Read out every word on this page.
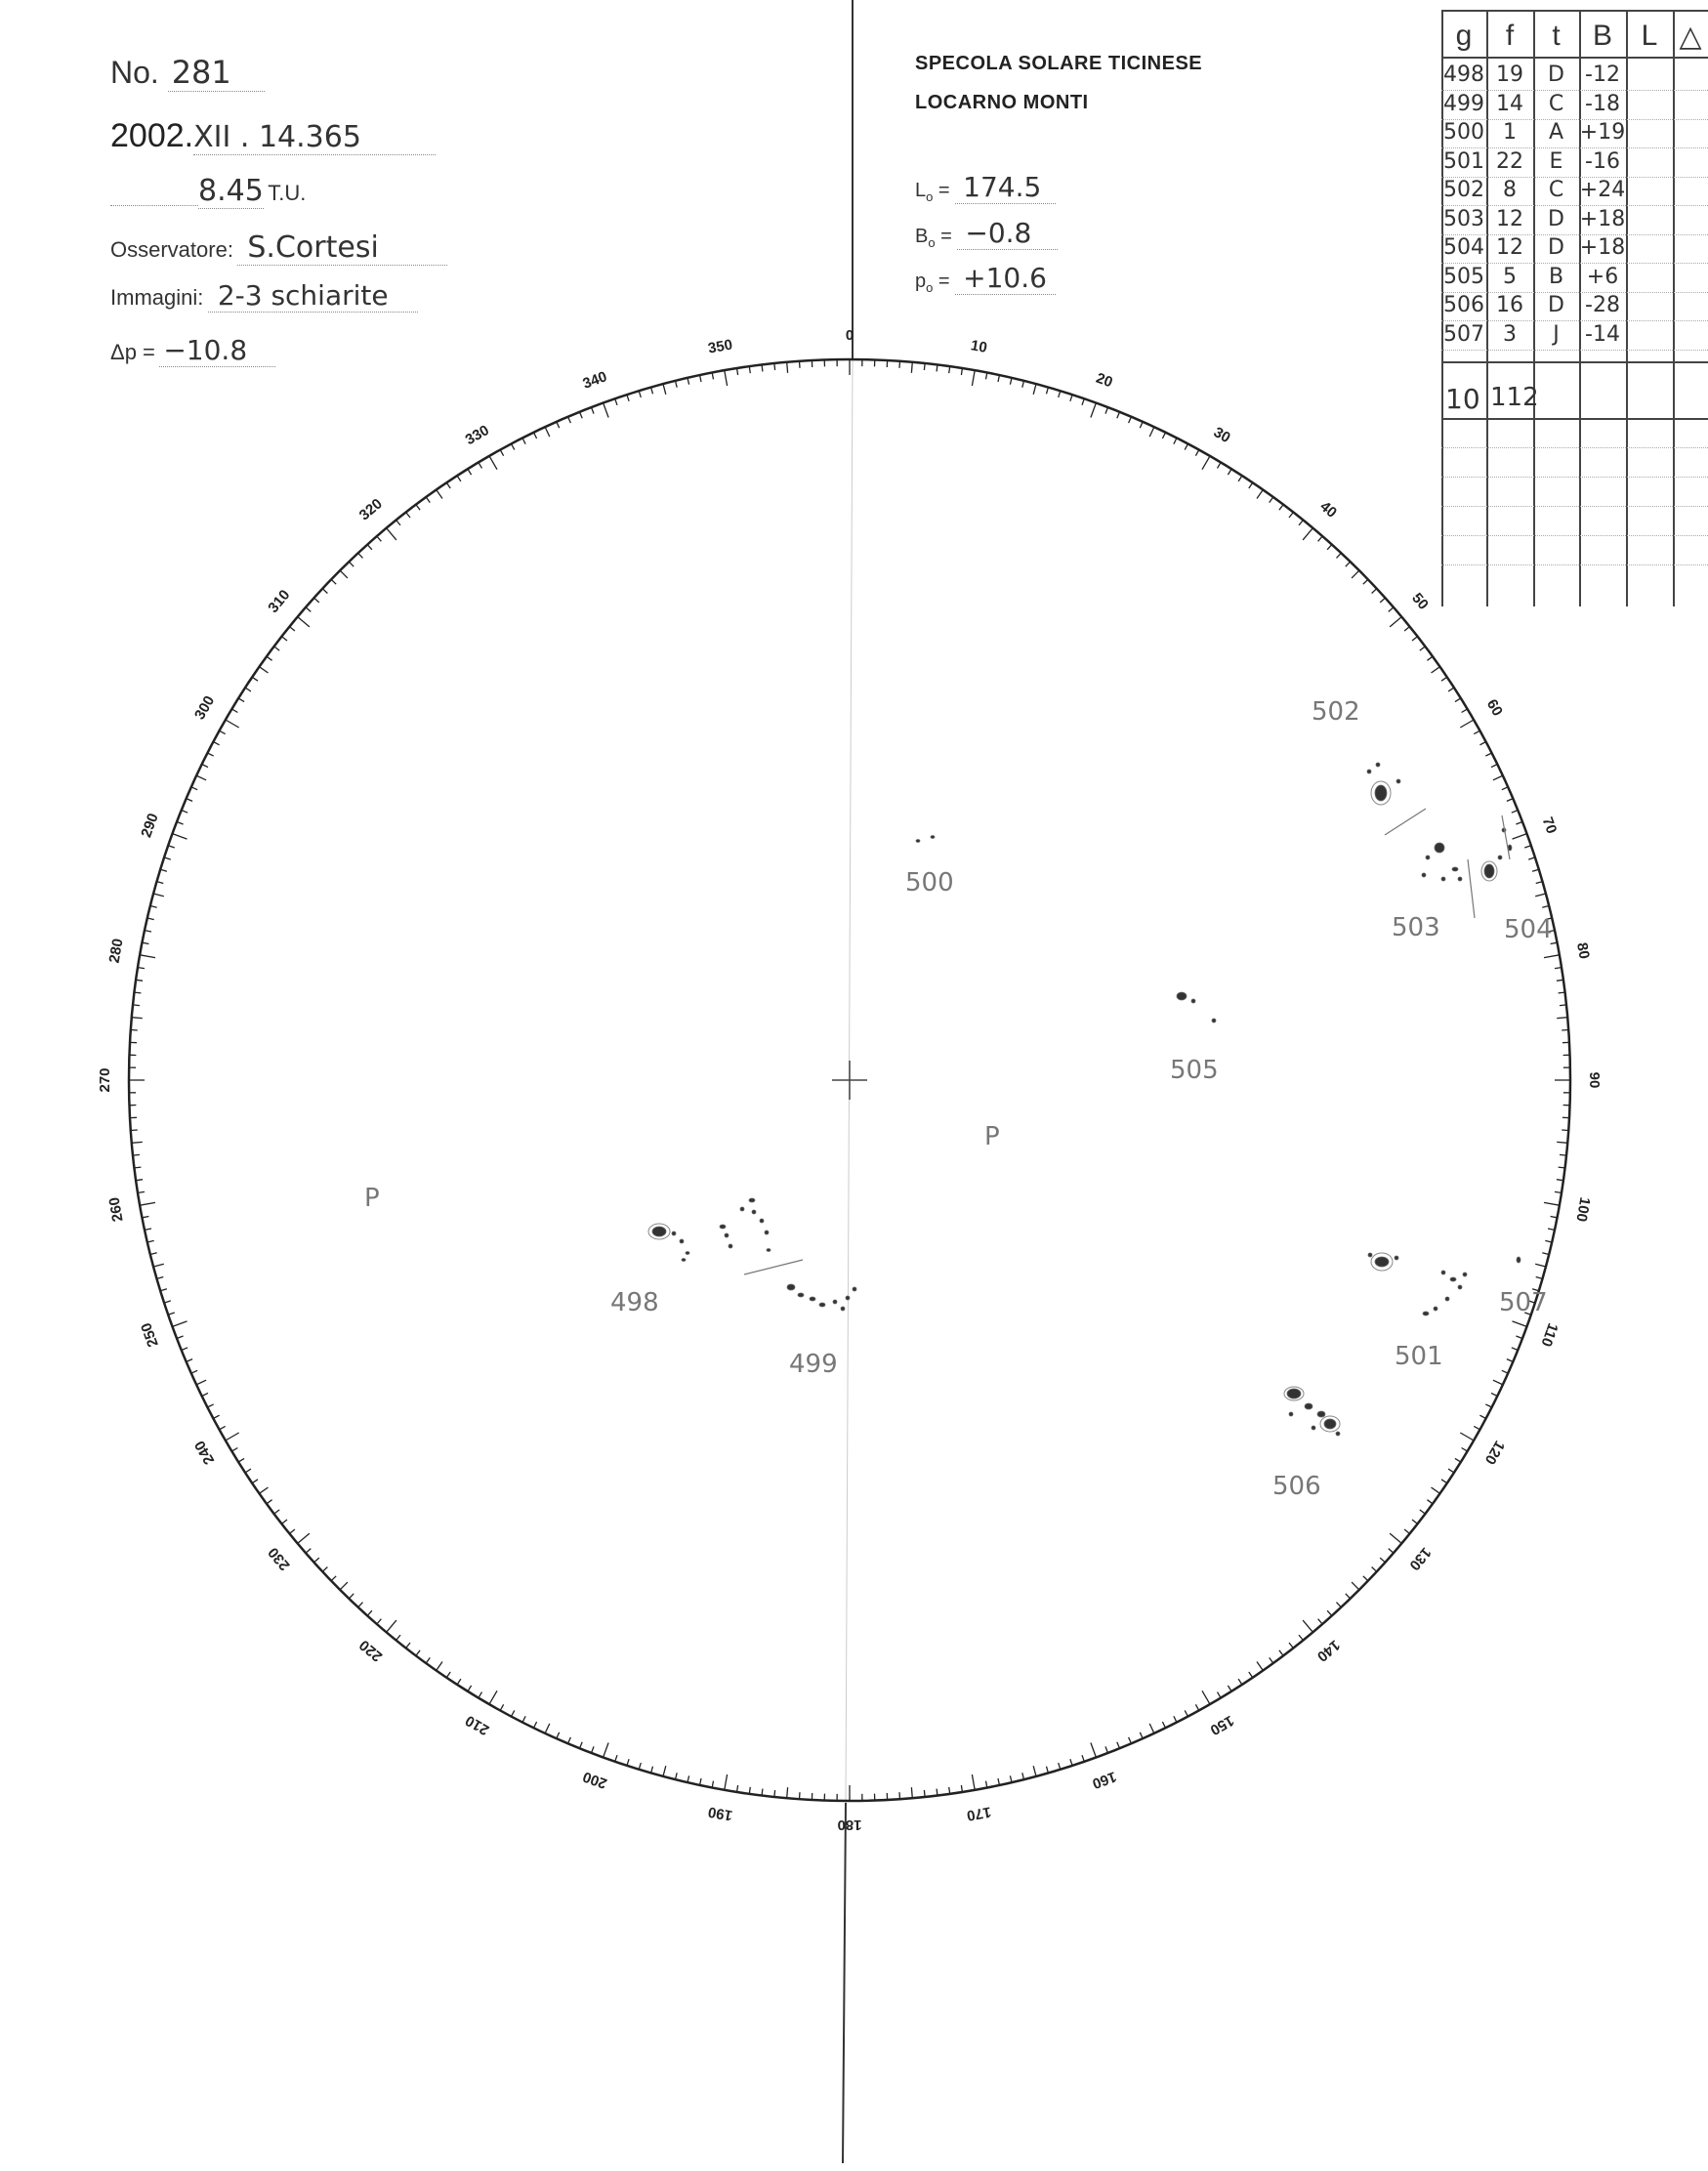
No. 281
2002.XII . 14.365
8.45 T.U.
Osservatore: S.Cortesi
Immagini: 2-3 schiarite
Δp = −10.8
SPECOLA SOLARE TICINESE
LOCARNO MONTI
$L_o = 174.5$
$B_o = -0.8$
$p_o = +10.6$
g	f	t	B L △
498 19	D -12
499 14	C -18
500 1	A +19
501 22	E	-16
502 8	C +24
503 12	D +18
504 12	D +18
505 5	B	+6
506 16	D -28
507 3	J	-14
10 112
0
10
20
30
40
50
60
70
80
90
100
110
120
130
140
150
160
170
180
190
200
210
220
230
240
250
260
270
280
290
300
310
320
330
340
350
498
499
500
501
502
503	504
505
506
507
P
P
